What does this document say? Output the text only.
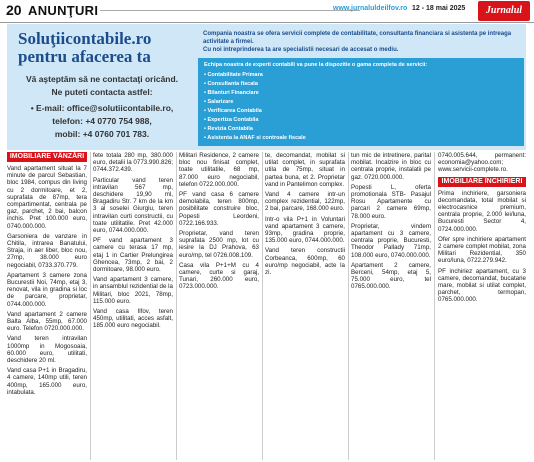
20 ANUNŢURI	www.jurnaluldeilfov.ro 12 - 18 mai 2025	Jurnalul
Soluţiicontabile.ro
pentru afacerea ta
Vă aşteptăm să ne contactaţi oricând.
Ne puteti contacta astfel:
• E-mail: office@solutiicontabile.ro,
telefon: +4 0770 754 988,
mobil: +4 0760 701 783.
Compania noastra se ofera servicii complete de contabilitate, consultanta financiara si asistenta pe intreaga activitate a firmei.
Cu noi intreprinderea ta are specialistii necesari de accesat o mediu.
Echipa noastra de experti contabili va pune la dispozitie o gama completa de servicii:
• Contabilitate Primara
• Consultanta fiscala
• Bilanturi Financiare
• Salarizare
• Verificarea Contabila
• Expertiza Contabila
• Revizia Contabila
• Asistenta la ANAF si controale fiscale
IMOBILIARE VÂNZĂRI

Vand apartament situat la 7 minute de parcul Sebastian, bloc 1984, compus din living cu 2 dormitoare, et 2, suprafata de 87mp, tera compartimentat, centrala pe gaz, parchet, 2 bai, balcon inchis. Pret 100.000 euro, 0740.000.000.

Garsoniera de vanzare in Chitila, intrarea Banatului, Straja, in aer liber, bloc nou, 27mp, 38.000 euro negociabil, 0733.370.779.

Apartament 3 camere zona Bucurestii Noi, 74mp, etaj 3, renovat, vila in gradina si loc de parcare, proprietar, 0744.000.000.

Vand apartament 2 camere Balta Alba, 55mp, 67.000 euro. Telefon 0720.000.000.

Vand teren intravilan 1000mp in Mogosoaia, 60.000 euro, utilitati, deschidere 20 ml.

Vand casa P+1 in Bragadiru, 4 camere, 140mp utili, teren 400mp, 165.000 euro, intabulata.

fete totala 280 mp, 380.000 euro, detalii la 0773.990.826; 0744.372.439.

Particular vand teren intravilan 567 mp, deschidere 19,90 ml, Bragadiru Str. 7 km de la km 3 al soselei Giurgiu, teren intravilan curti constructii, cu toate utilitatile. Pret 42.000 euro, 0744.000.000.

PF vand apartament 3 camere cu terasa 17 mp, etaj 1 in Cartier Prelungirea Ghencea, 73mp, 2 bai, 2 dormitoare, 98.000 euro.

Vand apartament 3 camere, in ansamblul rezidential de la Militari, bloc 2021, 78mp, 115.000 euro.

Vand casa Ilfov, teren 450mp, utilitati, acces asfalt, 185.000 euro negociabil.

Militari Residence, 2 camere bloc nou finisat complet, toate utilitatile, 68 mp, 87.000 euro negociabil, telefon 0722.000.000.

PF vand casa 6 camere demolabila, teren 800mp, posibilitate construire bloc, Popesti Leordeni, 0722.166.933.

Proprietar, vand teren suprafata 2500 mp, lot cu iesire la DJ Prahova, 63 euro/mp, tel 0726.008.109.

Casa vila P+1+M cu 4 camere, curte si garaj, Tunari, 260.000 euro, 0723.000.000.

te, decomandat, mobilat si utilat complet, in suprafata utila de 75mp, situat in partea buna, et 2. Proprietar vand in Pantelimon complex.

Vand 4 camere intr-un complex rezidential, 122mp, 2 bai, parcare, 168.000 euro.

Intr-o vila P+1 in Voluntari vand apartament 3 camere, 93mp, gradina proprie, 135.000 euro, 0744.000.000.

Vand teren constructii Corbeanca, 600mp, 60 euro/mp negociabil, acte la zi.

tun mic de intretinere, parital mobilat. Incalzire in bloc cu centrala proprie, instalatii pe gaz. 0720.000.000.

Popesti L, oferta promotionala STB- Pasajul Rosu Apartamente cu parcari 2 camere 69mp, 78.000 euro.

Proprietar, vindem apartament cu 3 camere, centrala proprie, Bucuresti, Theodor Pallady 71mp, 108.000 euro, 0740.000.000.

Apartament 2 camere, Berceni, 54mp, etaj 5, 75.000 euro, tel 0765.000.000.

0740.005.644, permanent: economia@yahoo.com; www.servicii-complete.ro.

IMOBILIARE ÎNCHIRIERI

Prima inchiriere, garsoniera decomandata, total mobilat si electrocasnice premium, centrala proprie, 2.000 lei/luna, Bucuresti Sector 4, 0724.000.000.

Ofer spre inchiriere apartament 2 camere complet mobilat, zona Militari Rezidential, 350 euro/luna, 0722.279.942.

PF inchiriez apartament, cu 3 camere, decomandat, bucatarie mare, mobilat si utilat complet, parchet, termopan, 0765.000.000.
